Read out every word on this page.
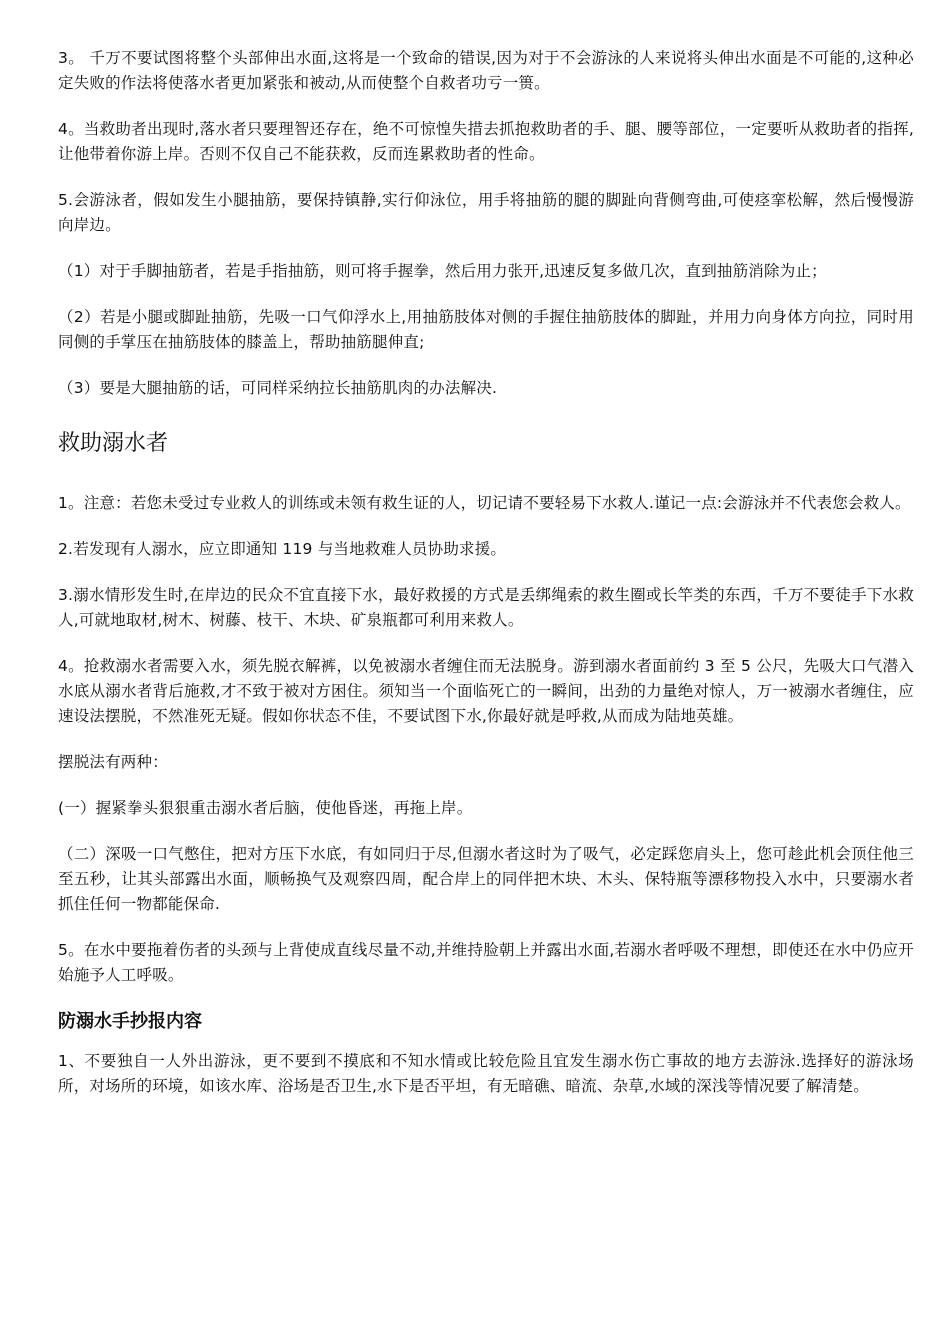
3。 千万不要试图将整个头部伸出水面,这将是一个致命的错误,因为对于不会游泳的人来说将头伸出水面是不可能的,这种必定失败的作法将使落水者更加紧张和被动,从而使整个自救者功亏一篑。

4。当救助者出现时,落水者只要理智还存在，绝不可惊惶失措去抓抱救助者的手、腿、腰等部位，一定要听从救助者的指挥,让他带着你游上岸。否则不仅自己不能获救，反而连累救助者的性命。

5.会游泳者，假如发生小腿抽筋，要保持镇静,实行仰泳位，用手将抽筋的腿的脚趾向背侧弯曲,可使痉挛松解，然后慢慢游向岸边。

（1）对于手脚抽筋者，若是手指抽筋，则可将手握拳，然后用力张开,迅速反复多做几次，直到抽筋消除为止；

（2）若是小腿或脚趾抽筋，先吸一口气仰浮水上,用抽筋肢体对侧的手握住抽筋肢体的脚趾，并用力向身体方向拉，同时用同侧的手掌压在抽筋肢体的膝盖上，帮助抽筋腿伸直;

（3）要是大腿抽筋的话，可同样采纳拉长抽筋肌肉的办法解决.

救助溺水者

1。注意：若您未受过专业救人的训练或未领有救生证的人，切记请不要轻易下水救人.谨记一点:会游泳并不代表您会救人。

2.若发现有人溺水，应立即通知 119 与当地救难人员协助求援。

3.溺水情形发生时,在岸边的民众不宜直接下水，最好救援的方式是丢绑绳索的救生圈或长竿类的东西，千万不要徒手下水救人,可就地取材,树木、树藤、枝干、木块、矿泉瓶都可利用来救人。

4。抢救溺水者需要入水，须先脱衣解裤，以免被溺水者缠住而无法脱身。游到溺水者面前约 3 至 5 公尺，先吸大口气潜入水底从溺水者背后施救,才不致于被对方困住。须知当一个面临死亡的一瞬间，出劲的力量绝对惊人，万一被溺水者缠住，应速设法摆脱，不然准死无疑。假如你状态不佳，不要试图下水,你最好就是呼救,从而成为陆地英雄。

摆脱法有两种：

(一）握紧拳头狠狠重击溺水者后脑，使他昏迷，再拖上岸。

（二）深吸一口气憋住，把对方压下水底，有如同归于尽,但溺水者这时为了吸气，必定踩您肩头上，您可趁此机会顶住他三至五秒，让其头部露出水面，顺畅换气及观察四周，配合岸上的同伴把木块、木头、保特瓶等漂移物投入水中，只要溺水者抓住任何一物都能保命.

5。在水中要拖着伤者的头颈与上背使成直线尽量不动,并维持脸朝上并露出水面,若溺水者呼吸不理想，即使还在水中仍应开始施予人工呼吸。

防溺水手抄报内容

1、不要独自一人外出游泳，更不要到不摸底和不知水情或比较危险且宜发生溺水伤亡事故的地方去游泳.选择好的游泳场所，对场所的环境，如该水库、浴场是否卫生,水下是否平坦，有无暗礁、暗流、杂草,水域的深浅等情况要了解清楚。
